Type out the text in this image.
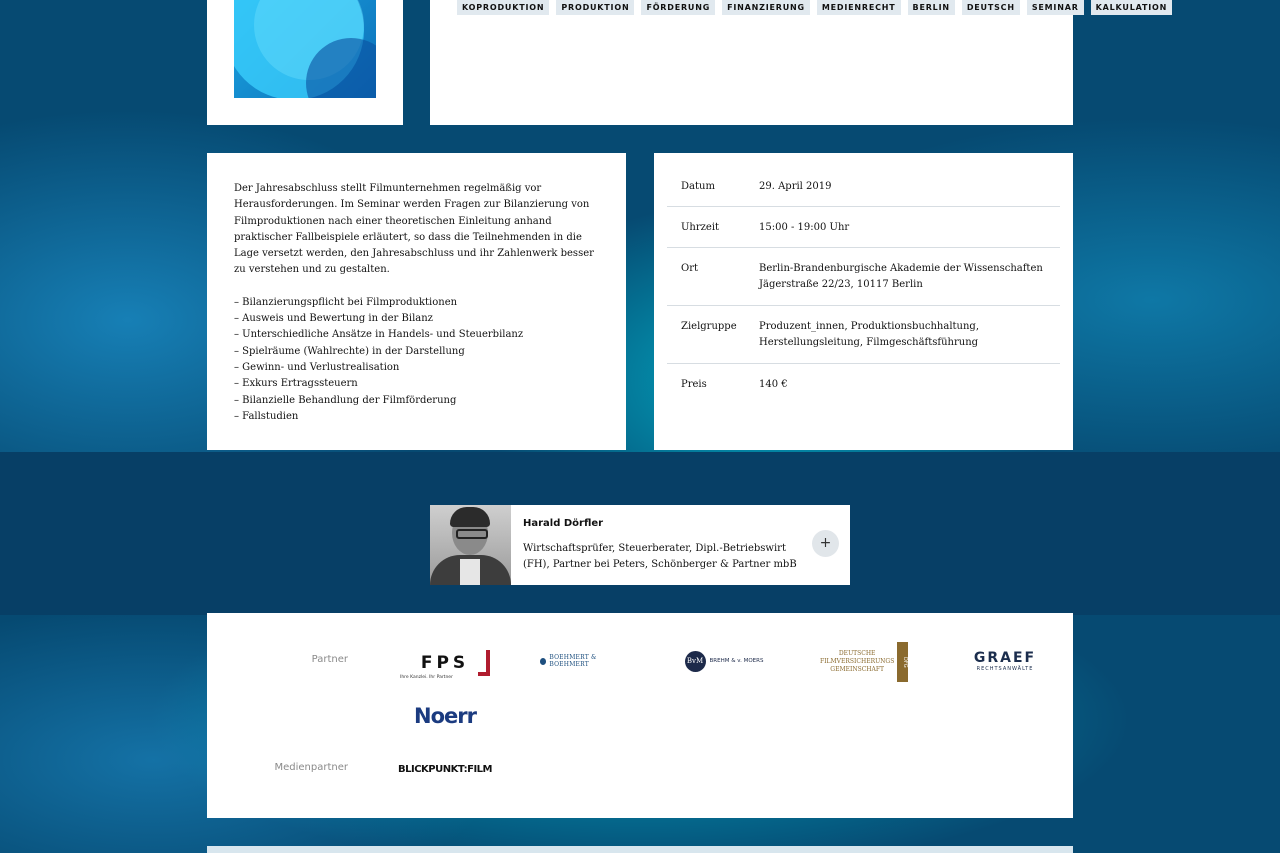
KOPRODUKTION	PRODUKTION	FÖRDERUNG	FINANZIERUNG	MEDIENRECHT	BERLIN	DEUTSCH	SEMINAR	KALKULATION

Der Jahresabschluss stellt Filmunternehmen regelmäßig vor Herausforderungen. Im Seminar werden Fragen zur Bilanzierung von Filmproduktionen nach einer theoretischen Einleitung anhand praktischer Fallbeispiele erläutert, so dass die Teilnehmenden in die Lage versetzt werden, den Jahresabschluss und ihr Zahlenwerk besser zu verstehen und zu gestalten.

– Bilanzierungspflicht bei Filmproduktionen
– Ausweis und Bewertung in der Bilanz
– Unterschiedliche Ansätze in Handels- und Steuerbilanz
– Spielräume (Wahlrechte) in der Darstellung
– Gewinn- und Verlustrealisation
– Exkurs Ertragssteuern
– Bilanzielle Behandlung der Filmförderung
– Fallstudien
Datum	29. April 2019
Uhrzeit	15:00 - 19:00 Uhr
Ort	Berlin-Brandenburgische Akademie der Wissenschaften
Jägerstraße 22/23, 10117 Berlin
Zielgruppe Produzent_innen, Produktionsbuchhaltung,
Herstellungsleitung, Filmgeschäftsführung
Preis	140 €
Harald Dörfler
Wirtschaftsprüfer, Steuerberater, Dipl.-Betriebswirt (FH), Partner bei Peters, Schönberger & Partner mbB
+
Partner
Medienpartner
FPS
Ihre Kanzlei. Ihr Partner
BOEHMERT & BOEHMERT	BvM	BREHM & v. MOERS
DEUTSCHE
FILMVERSICHERUNGS
GEMEINSCHAFT
DFG	GRAEF
RECHTSANWÄLTE
Noerr
BLICKPUNKT:FILM
